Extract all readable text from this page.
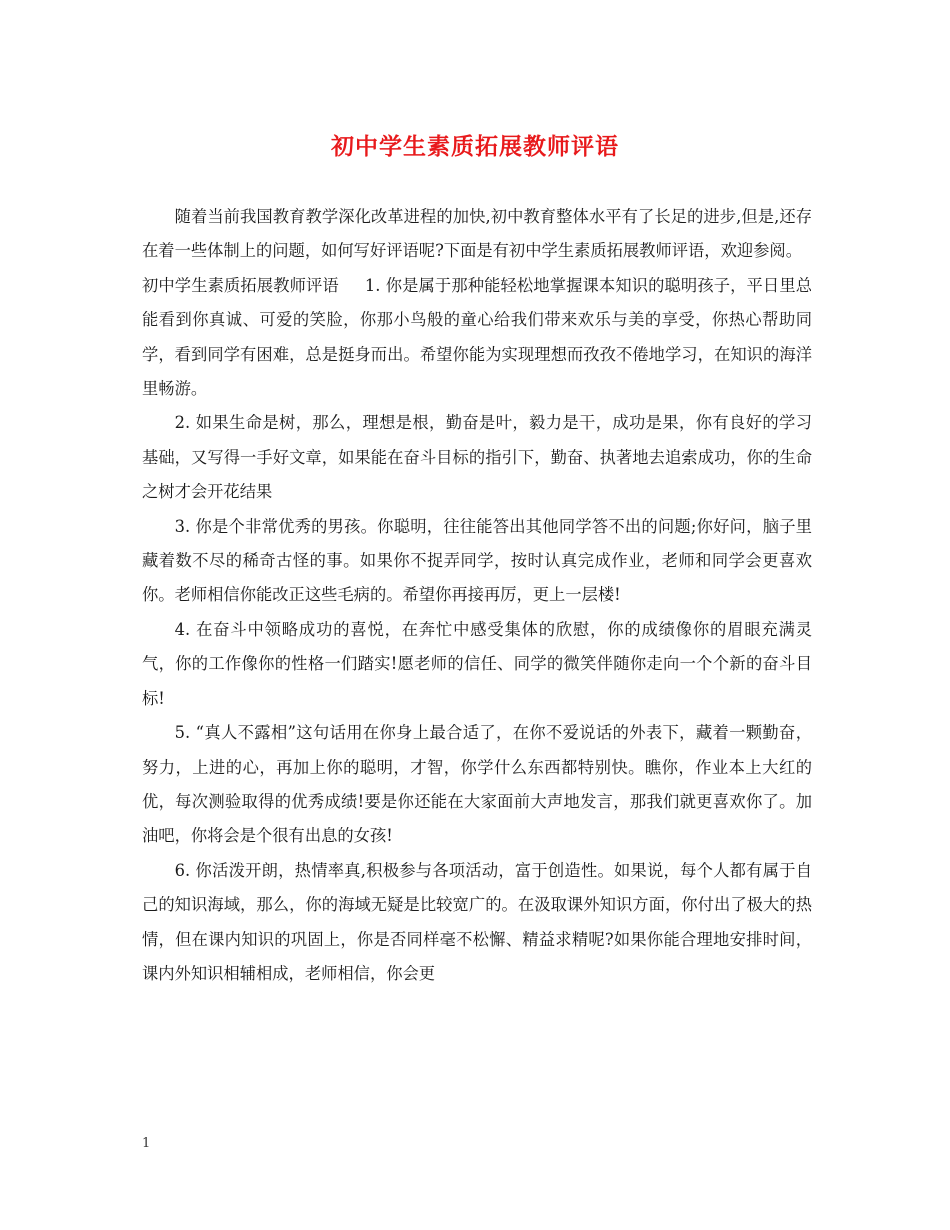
初中学生素质拓展教师评语

随着当前我国教育教学深化改革进程的加快,初中教育整体水平有了长足的进步,但是,还存在着一些体制上的问题，如何写好评语呢?下面是有初中学生素质拓展教师评语，欢迎参阅。

初中学生素质拓展教师评语 1. 你是属于那种能轻松地掌握课本知识的聪明孩子，平日里总能看到你真诚、可爱的笑脸，你那小鸟般的童心给我们带来欢乐与美的享受，你热心帮助同学，看到同学有困难，总是挺身而出。希望你能为实现理想而孜孜不倦地学习，在知识的海洋里畅游。

2. 如果生命是树，那么，理想是根，勤奋是叶，毅力是干，成功是果，你有良好的学习基础，又写得一手好文章，如果能在奋斗目标的指引下，勤奋、执著地去追索成功，你的生命之树才会开花结果

3. 你是个非常优秀的男孩。你聪明，往往能答出其他同学答不出的问题;你好问，脑子里藏着数不尽的稀奇古怪的事。如果你不捉弄同学，按时认真完成作业，老师和同学会更喜欢你。老师相信你能改正这些毛病的。希望你再接再厉，更上一层楼!

4. 在奋斗中领略成功的喜悦，在奔忙中感受集体的欣慰，你的成绩像你的眉眼充满灵气，你的工作像你的性格一们踏实!愿老师的信任、同学的微笑伴随你走向一个个新的奋斗目标!

5. “真人不露相”这句话用在你身上最合适了，在你不爱说话的外表下，藏着一颗勤奋，努力，上进的心，再加上你的聪明，才智，你学什么东西都特别快。瞧你，作业本上大红的优，每次测验取得的优秀成绩!要是你还能在大家面前大声地发言，那我们就更喜欢你了。加油吧，你将会是个很有出息的女孩!

6. 你活泼开朗，热情率真,积极参与各项活动，富于创造性。如果说，每个人都有属于自己的知识海域，那么，你的海域无疑是比较宽广的。在汲取课外知识方面，你付出了极大的热情，但在课内知识的巩固上，你是否同样毫不松懈、精益求精呢?如果你能合理地安排时间，课内外知识相辅相成，老师相信，你会更

1
